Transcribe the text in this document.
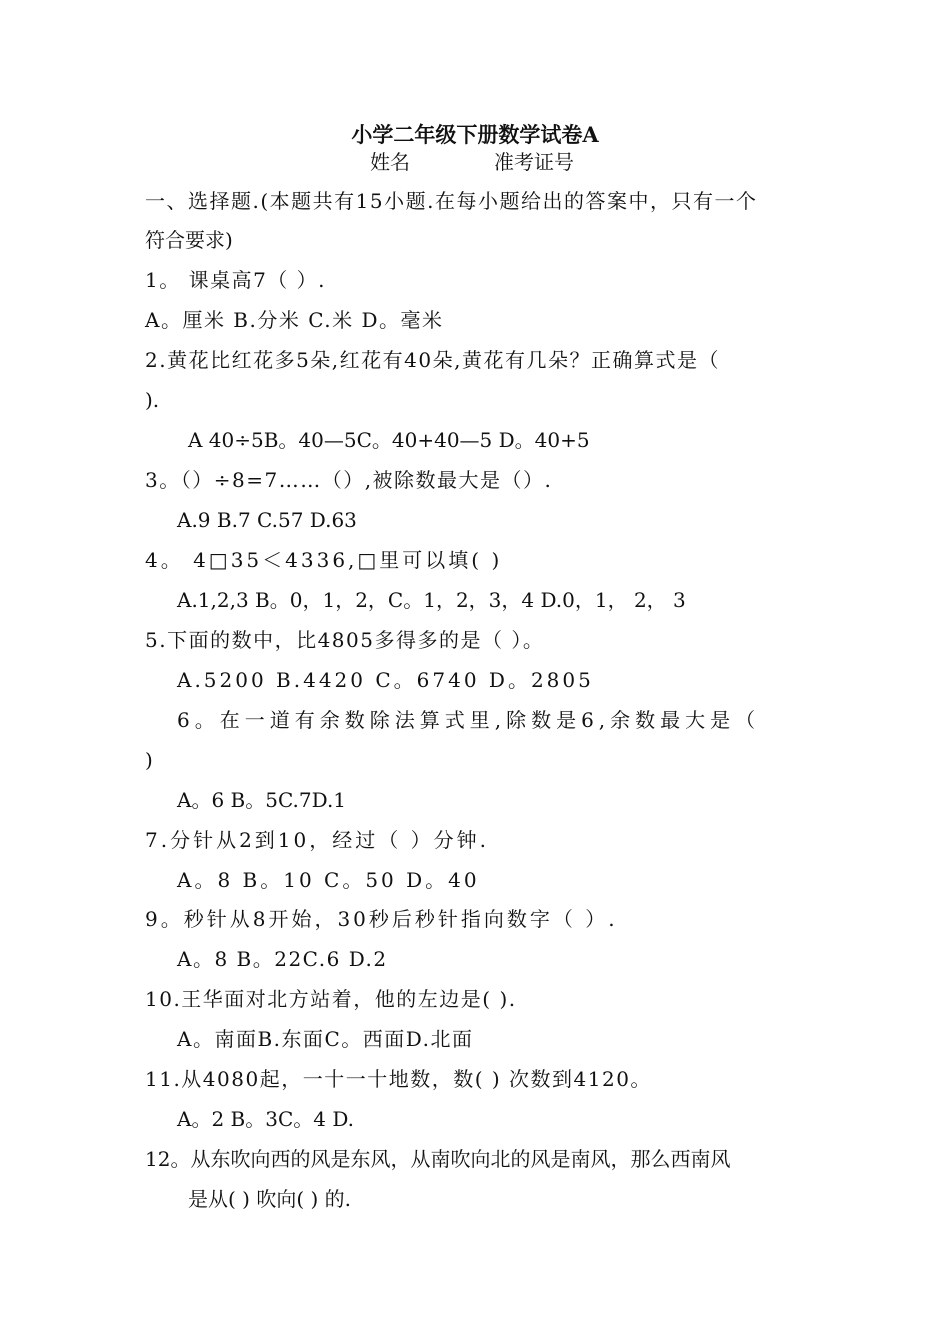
小学二年级下册数学试卷A
姓名	准考证号
一、选择题.(本题共有15小题.在每小题给出的答案中，只有一个
符合要求)
1。 课桌高7（ ）.
A。厘米 B.分米 C.米 D。毫米
2.黄花比红花多5朵,红花有40朵,黄花有几朵？正确算式是（
).
A 40÷5B。40—5C。40+40—5 D。40+5
3。（）÷8=7……（）,被除数最大是（）.
A.9 B.7 C.57 D.63
4。 4□35＜4336,□里可以填( )
A.1,2,3 B。0，1，2，C。1，2，3，4 D.0，1， 2， 3
5.下面的数中，比4805多得多的是（ ）。
A.5200 B.4420 C。6740 D。2805
6。在一道有余数除法算式里,除数是6,余数最大是（
)
A。6 B。5C.7D.1
7.分针从2到10，经过（ ）分钟.
A。8 B。10 C。50 D。40
9。秒针从8开始，30秒后秒针指向数字（ ）.
A。8 B。22C.6 D.2
10.王华面对北方站着，他的左边是( ).
A。南面B.东面C。西面D.北面
11.从4080起，一十一十地数，数( ) 次数到4120。
A。2 B。3C。4 D.
12。从东吹向西的风是东风，从南吹向北的风是南风，那么西南风
是从( ) 吹向( ) 的.
